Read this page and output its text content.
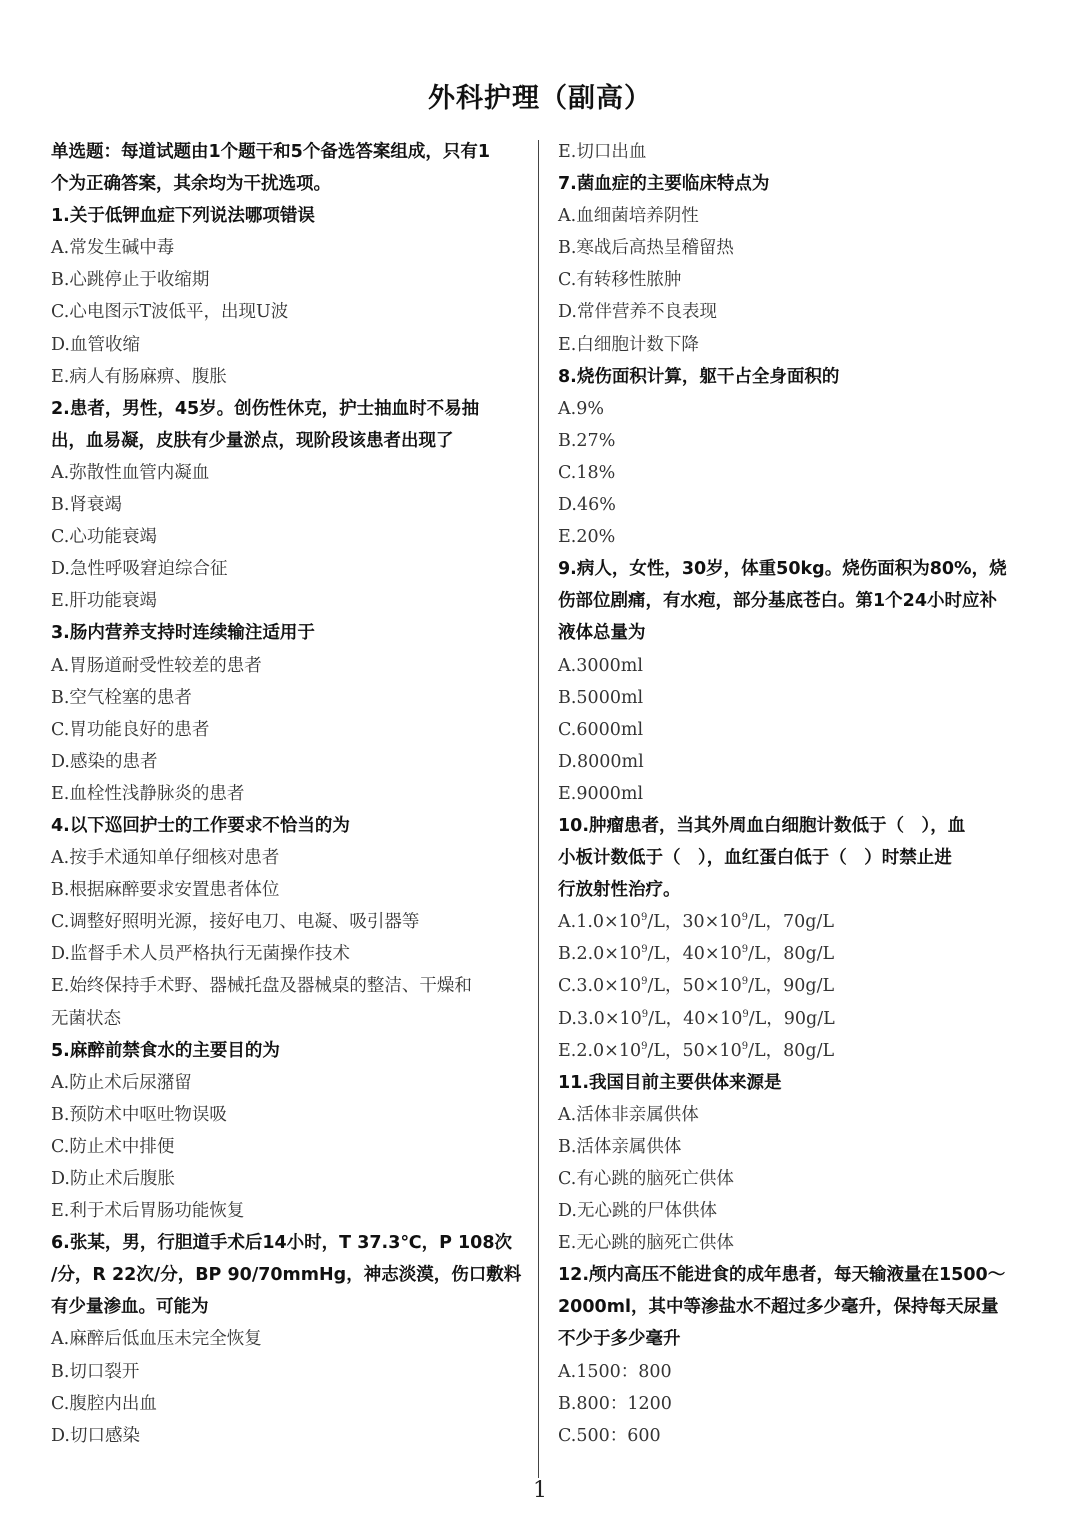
外科护理（副高）
单选题：每道试题由1个题干和5个备选答案组成，只有1
个为正确答案，其余均为干扰选项。
1.关于低钾血症下列说法哪项错误
A.常发生碱中毒
B.心跳停止于收缩期
C.心电图示T波低平，出现U波
D.血管收缩
E.病人有肠麻痹、腹胀
2.患者，男性，45岁。创伤性休克，护士抽血时不易抽
出，血易凝，皮肤有少量淤点，现阶段该患者出现了
A.弥散性血管内凝血
B.肾衰竭
C.心功能衰竭
D.急性呼吸窘迫综合征
E.肝功能衰竭
3.肠内营养支持时连续输注适用于
A.胃肠道耐受性较差的患者
B.空气栓塞的患者
C.胃功能良好的患者
D.感染的患者
E.血栓性浅静脉炎的患者
4.以下巡回护士的工作要求不恰当的为
A.按手术通知单仔细核对患者
B.根据麻醉要求安置患者体位
C.调整好照明光源，接好电刀、电凝、吸引器等
D.监督手术人员严格执行无菌操作技术
E.始终保持手术野、器械托盘及器械桌的整洁、干燥和
无菌状态
5.麻醉前禁食水的主要目的为
A.防止术后尿潴留
B.预防术中呕吐物误吸
C.防止术中排便
D.防止术后腹胀
E.利于术后胃肠功能恢复
6.张某，男，行胆道手术后14小时，T 37.3℃，P 108次
/分，R 22次/分，BP 90/70mmHg，神志淡漠，伤口敷料
有少量渗血。可能为
A.麻醉后低血压未完全恢复
B.切口裂开
C.腹腔内出血
D.切口感染
E.切口出血
7.菌血症的主要临床特点为
A.血细菌培养阴性
B.寒战后高热呈稽留热
C.有转移性脓肿
D.常伴营养不良表现
E.白细胞计数下降
8.烧伤面积计算，躯干占全身面积的
A.9%
B.27%
C.18%
D.46%
E.20%
9.病人，女性，30岁，体重50kg。烧伤面积为80%，烧
伤部位剧痛，有水疱，部分基底苍白。第1个24小时应补
液体总量为
A.3000ml
B.5000ml
C.6000ml
D.8000ml
E.9000ml
10.肿瘤患者，当其外周血白细胞计数低于（　），血
小板计数低于（　），血红蛋白低于（　）时禁止进
行放射性治疗。
$A.1.0\times 10^9/L$，$30\times 10^9/L$，70g/L
$B.2.0\times 10^9/L$，$40\times 10^9/L$，80g/L
$C.3.0\times 10^9/L$，$50\times 10^9/L$，90g/L
$D.3.0\times 10^9/L$，$40\times 10^9/L$，90g/L
$E.2.0\times 10^9/L$，$50\times 10^9/L$，80g/L
11.我国目前主要供体来源是
A.活体非亲属供体
B.活体亲属供体
C.有心跳的脑死亡供体
D.无心跳的尸体供体
E.无心跳的脑死亡供体
12.颅内高压不能进食的成年患者，每天输液量在1500～
2000ml，其中等渗盐水不超过多少毫升，保持每天尿量
不少于多少毫升
A.1500：800
B.800：1200
C.500：600
1
